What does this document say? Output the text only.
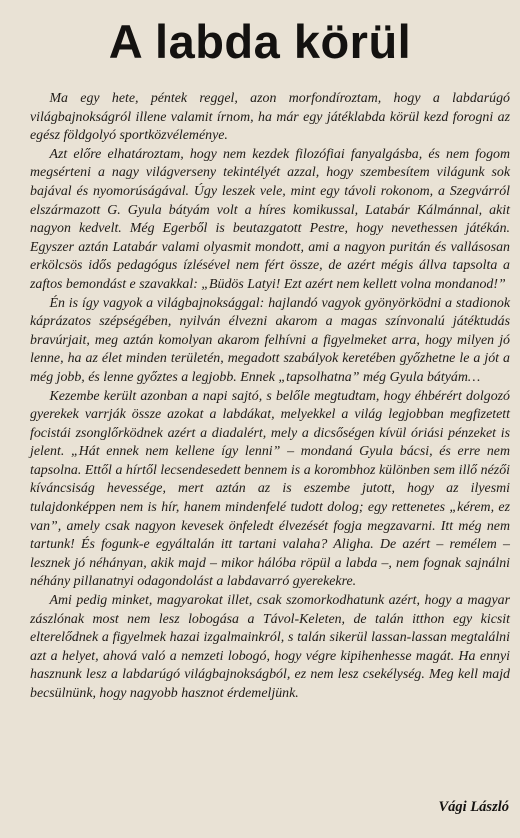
A labda körül

Ma egy hete, péntek reggel, azon morfondíroztam, hogy a labdarúgó világbajnokságról illene valamit írnom, ha már egy játéklabda körül kezd forogni az egész földgolyó sportközvéleménye.

Azt előre elhatároztam, hogy nem kezdek filozófiai fanyalgásba, és nem fogom megsérteni a nagy világverseny tekintélyét azzal, hogy szembesítem világunk sok bajával és nyomorúságával. Úgy leszek vele, mint egy távoli rokonom, a Szegvárról elszármazott G. Gyula bátyám volt a híres komikussal, Latabár Kálmánnal, akit nagyon kedvelt. Még Egerből is beutazgatott Pestre, hogy nevethessen játékán. Egyszer aztán Latabár valami olyasmit mondott, ami a nagyon puritán és vallásosan erkölcsös idős pedagógus ízlésével nem fért össze, de azért mégis állva tapsolta a zaftos bemondást e szavakkal: „Büdös Latyi! Ezt azért nem kellett volna mondanod!”

Én is így vagyok a világbajnoksággal: hajlandó vagyok gyönyörködni a stadionok káprázatos szépségében, nyilván élvezni akarom a magas színvonalú játéktudás bravúrjait, meg aztán komolyan akarom felhívni a figyelmeket arra, hogy milyen jó lenne, ha az élet minden területén, megadott szabályok keretében győzhetne le a jót a még jobb, és lenne győztes a legjobb. Ennek „tapsolhatna” még Gyula bátyám…

Kezembe került azonban a napi sajtó, s belőle megtudtam, hogy éhbérért dolgozó gyerekek varrják össze azokat a labdákat, melyekkel a világ legjobban megfizetett focistái zsonglőrködnek azért a diadalért, mely a dicsőségen kívül óriási pénzeket is jelent. „Hát ennek nem kellene így lenni” – mondaná Gyula bácsi, és erre nem tapsolna. Ettől a hírtől lecsendesedett bennem is a korombhoz különben sem illő nézői kíváncsiság hevessége, mert aztán az is eszembe jutott, hogy az ilyesmi tulajdonképpen nem is hír, hanem mindenfelé tudott dolog; egy rettenetes „kérem, ez van”, amely csak nagyon kevesek önfeledt élvezését fogja megzavarni. Itt még nem tartunk! És fogunk-e egyáltalán itt tartani valaha? Aligha. De azért – remélem – lesznek jó néhányan, akik majd – mikor hálóba röpül a labda –, nem fognak sajnálni néhány pillanatnyi odagondolást a labdavarró gyerekekre.

Ami pedig minket, magyarokat illet, csak szomorkodhatunk azért, hogy a magyar zászlónak most nem lesz lobogása a Távol-Keleten, de talán itthon egy kicsit elterelődnek a figyelmek hazai izgalmainkról, s talán sikerül lassan-lassan megtalálni azt a helyet, ahová való a nemzeti lobogó, hogy végre kipihenhesse magát. Ha ennyi hasznunk lesz a labdarúgó világbajnokságból, ez nem lesz csekélység. Meg kell majd becsülnünk, hogy nagyobb hasznot érdemeljünk.

Vági László
